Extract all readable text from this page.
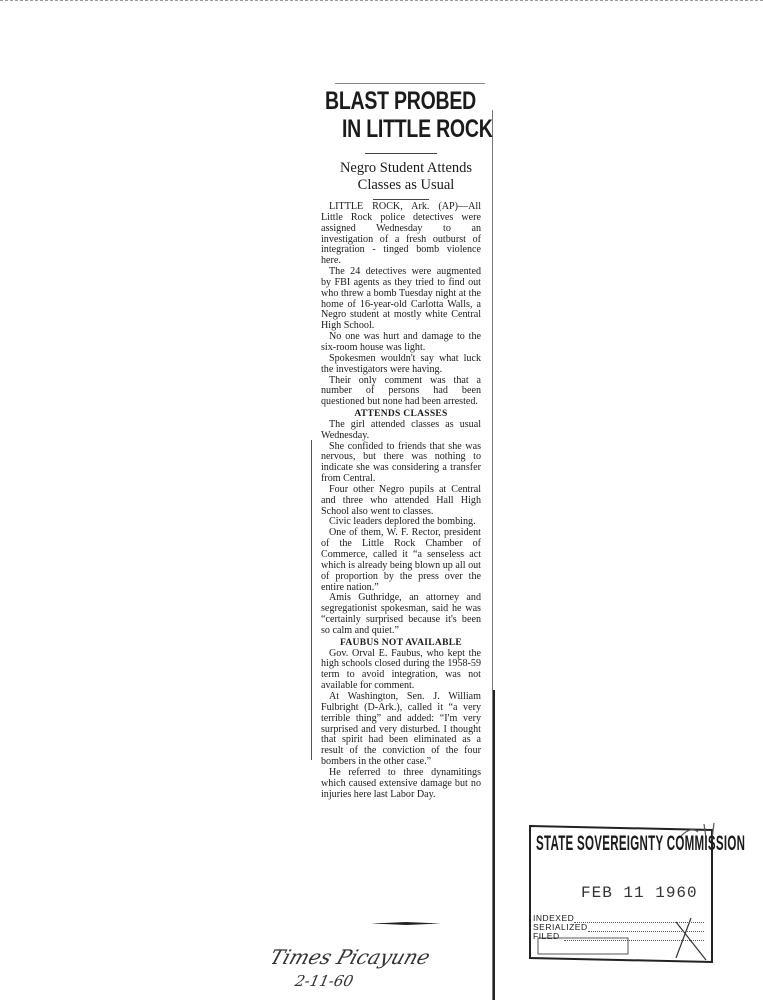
BLAST PROBED
IN LITTLE ROCK
Negro Student Attends Classes as Usual

LITTLE ROCK, Ark. (AP)—All Little Rock police detectives were assigned Wednesday to an investigation of a fresh outburst of integration - tinged bomb violence here.

The 24 detectives were augmented by FBI agents as they tried to find out who threw a bomb Tuesday night at the home of 16-year-old Carlotta Walls, a Negro student at mostly white Central High School.

No one was hurt and damage to the six-room house was light.

Spokesmen wouldn't say what luck the investigators were having.

Their only comment was that a number of persons had been questioned but none had been arrested.

ATTENDS CLASSES

The girl attended classes as usual Wednesday.

She confided to friends that she was nervous, but there was nothing to indicate she was considering a transfer from Central.

Four other Negro pupils at Central and three who attended Hall High School also went to classes.

Civic leaders deplored the bombing.

One of them, W. F. Rector, president of the Little Rock Chamber of Commerce, called it “a senseless act which is already being blown up all out of proportion by the press over the entire nation.”

Amis Guthridge, an attorney and segregationist spokesman, said he was “certainly surprised because it's been so calm and quiet.”

FAUBUS NOT AVAILABLE

Gov. Orval E. Faubus, who kept the high schools closed during the 1958-59 term to avoid integration, was not available for comment.

At Washington, Sen. J. William Fulbright (D-Ark.), called it “a very terrible thing” and added: “I'm very surprised and very disturbed. I thought that spirit had been eliminated as a result of the conviction of the four bombers in the other case.”

He referred to three dynamitings which caused extensive damage but no injuries here last Labor Day.

Times Picayune
2-11-60
STATE SOVEREIGNTY COMMISSION
FEB 11 1960
INDEXED
SERIALIZED
FILED
